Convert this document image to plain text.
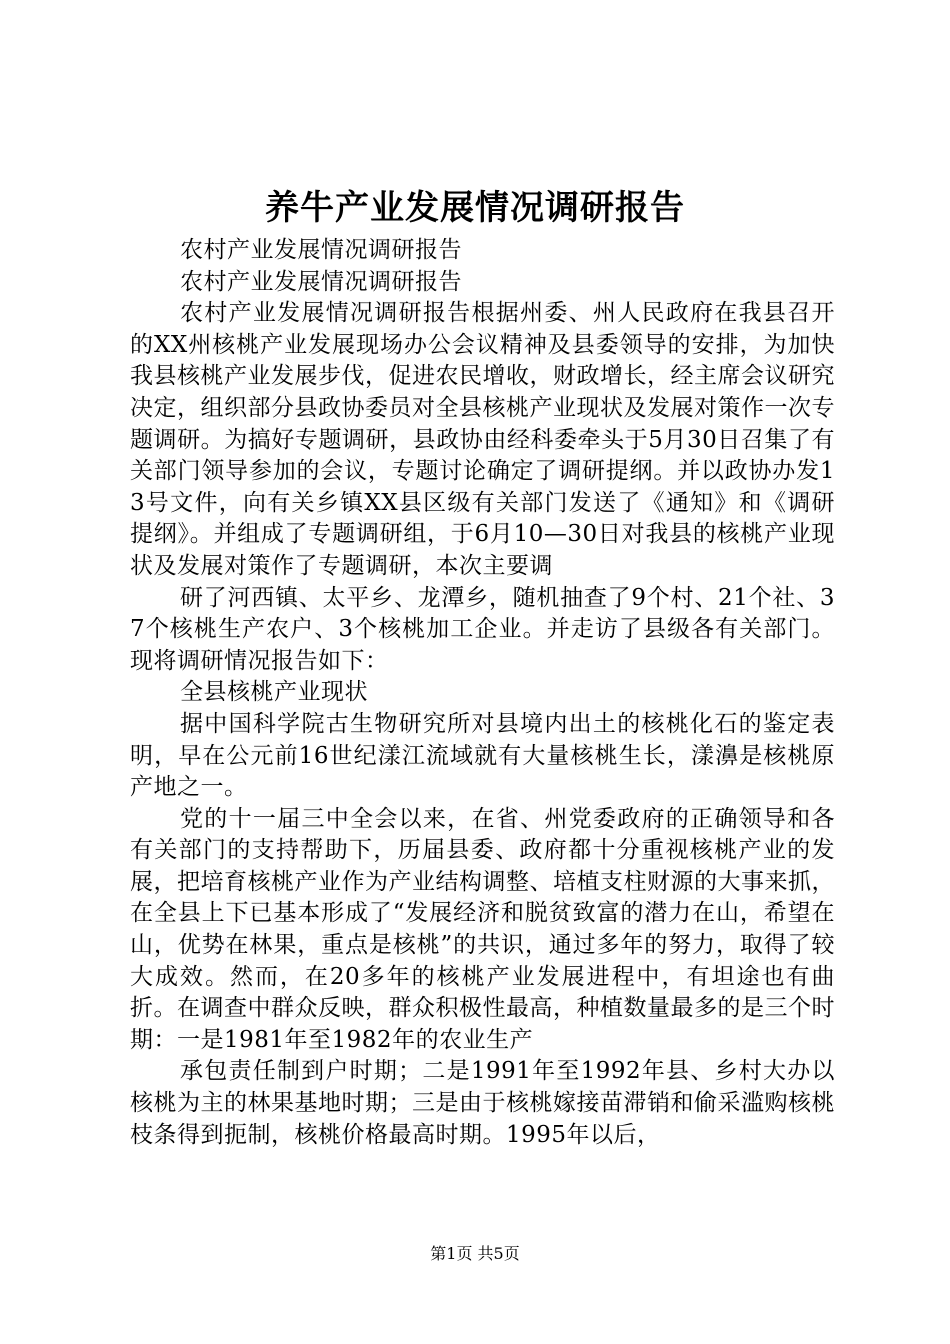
养牛产业发展情况调研报告

农村产业发展情况调研报告

农村产业发展情况调研报告

农村产业发展情况调研报告根据州委、州人民政府在我县召开的XX州核桃产业发展现场办公会议精神及县委领导的安排，为加快我县核桃产业发展步伐，促进农民增收，财政增长，经主席会议研究决定，组织部分县政协委员对全县核桃产业现状及发展对策作一次专题调研。为搞好专题调研，县政协由经科委牵头于5月30日召集了有关部门领导参加的会议，专题讨论确定了调研提纲。并以政协办发13号文件，向有关乡镇XX县区级有关部门发送了《通知》和《调研提纲》。并组成了专题调研组，于6月10—30日对我县的核桃产业现状及发展对策作了专题调研，本次主要调

研了河西镇、太平乡、龙潭乡，随机抽查了9个村、21个社、37个核桃生产农户、3个核桃加工企业。并走访了县级各有关部门。现将调研情况报告如下：

全县核桃产业现状

据中国科学院古生物研究所对县境内出土的核桃化石的鉴定表明，早在公元前16世纪漾江流域就有大量核桃生长，漾濞是核桃原产地之一。

党的十一届三中全会以来，在省、州党委政府的正确领导和各有关部门的支持帮助下，历届县委、政府都十分重视核桃产业的发展，把培育核桃产业作为产业结构调整、培植支柱财源的大事来抓，在全县上下已基本形成了“发展经济和脱贫致富的潜力在山，希望在山，优势在林果，重点是核桃”的共识，通过多年的努力，取得了较大成效。然而，在20多年的核桃产业发展进程中，有坦途也有曲折。在调查中群众反映，群众积极性最高，种植数量最多的是三个时期：一是1981年至1982年的农业生产

承包责任制到户时期；二是1991年至1992年县、乡村大办以核桃为主的林果基地时期；三是由于核桃嫁接苗滞销和偷采滥购核桃枝条得到扼制，核桃价格最高时期。1995年以后，

第1页 共5页
